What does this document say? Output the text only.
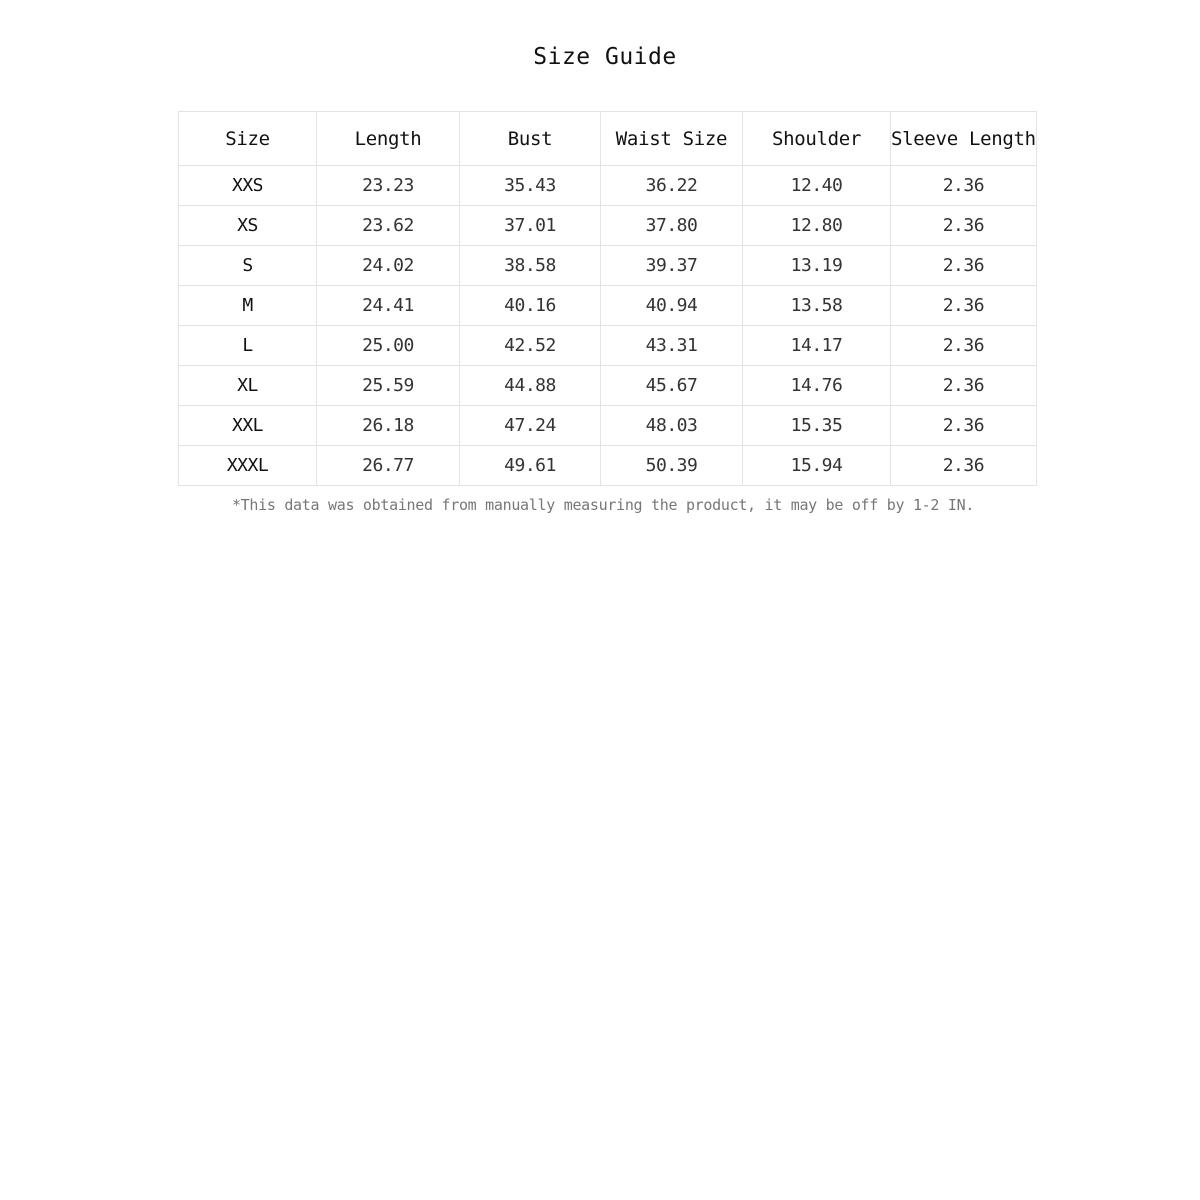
Size Guide
Size	Length	Bust	Waist Size	Shoulder	Sleeve Length
XXS	23.23	35.43	36.22	12.40	2.36
XS	23.62	37.01	37.80	12.80	2.36
S	24.02	38.58	39.37	13.19	2.36
M	24.41	40.16	40.94	13.58	2.36
L	25.00	42.52	43.31	14.17	2.36
XL	25.59	44.88	45.67	14.76	2.36
XXL	26.18	47.24	48.03	15.35	2.36
XXXL	26.77	49.61	50.39	15.94	2.36
*This data was obtained from manually measuring the product, it may be off by 1-2 IN.
